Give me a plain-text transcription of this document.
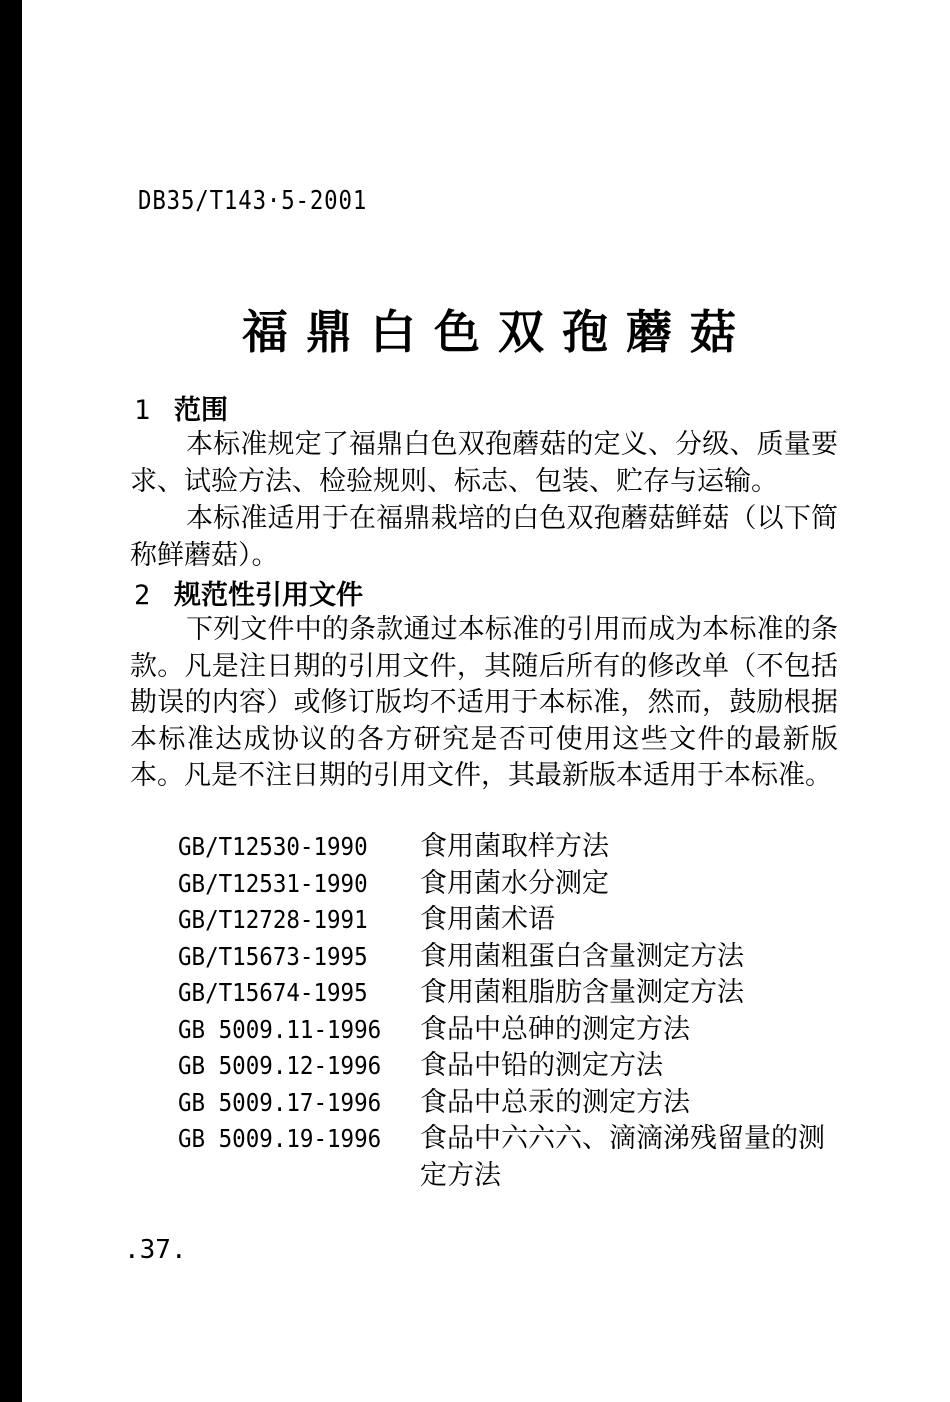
DB35/T143·5-2001
福鼎白色双孢蘑菇
1 范围
本标准规定了福鼎白色双孢蘑菇的定义、分级、质量要求、试验方法、检验规则、标志、包装、贮存与运输。
本标准适用于在福鼎栽培的白色双孢蘑菇鲜菇（以下简称鲜蘑菇）。
2 规范性引用文件
下列文件中的条款通过本标准的引用而成为本标准的条款。凡是注日期的引用文件，其随后所有的修改单（不包括勘误的内容）或修订版均不适用于本标准，然而，鼓励根据本标准达成协议的各方研究是否可使用这些文件的最新版本。凡是不注日期的引用文件，其最新版本适用于本标准。
GB/T12530-1990	食用菌取样方法
GB/T12531-1990	食用菌水分测定
GB/T12728-1991	食用菌术语
GB/T15673-1995	食用菌粗蛋白含量测定方法
GB/T15674-1995	食用菌粗脂肪含量测定方法
GB 5009.11-1996	食品中总砷的测定方法
GB 5009.12-1996	食品中铅的测定方法
GB 5009.17-1996	食品中总汞的测定方法
GB 5009.19-1996	食品中六六六、滴滴涕残留量的测定方法
.37.
